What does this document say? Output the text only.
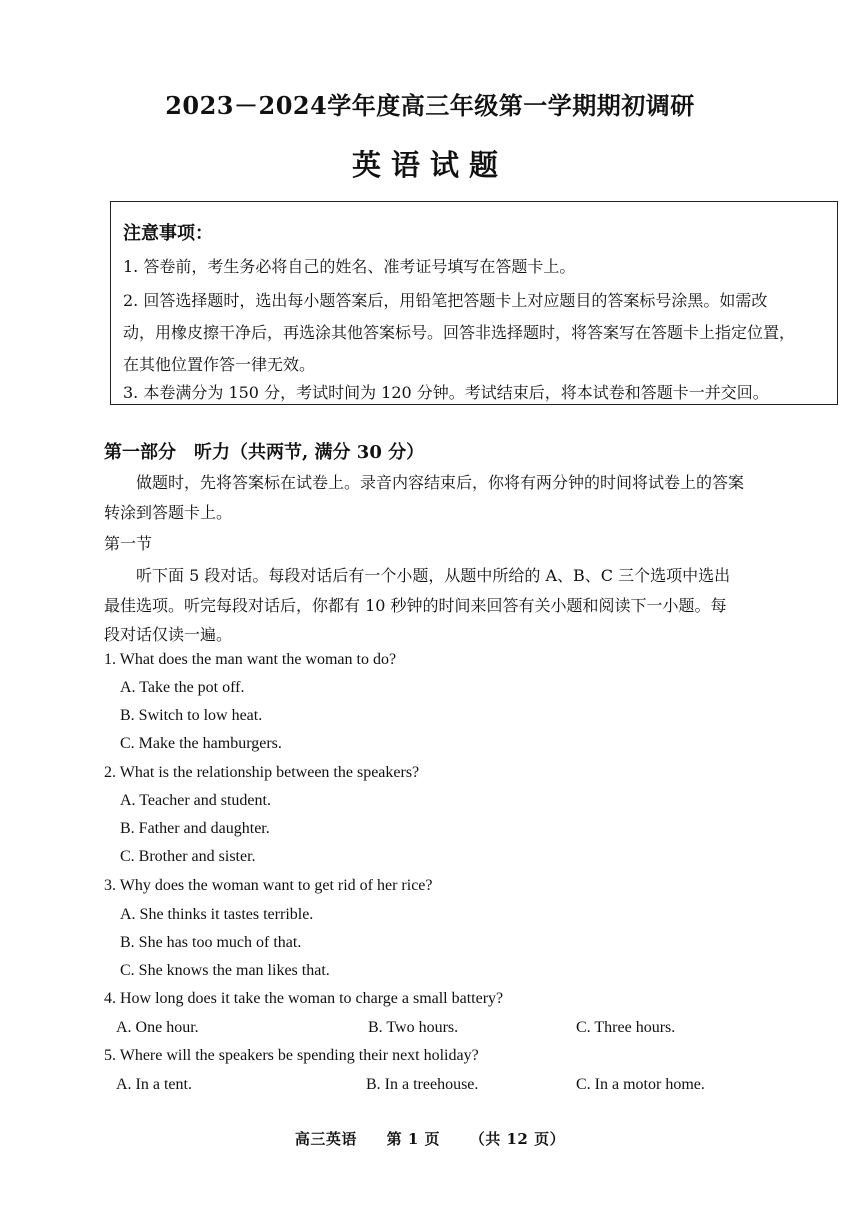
2023－2024学年度高三年级第一学期期初调研
英语试题
注意事项：
1. 答卷前，考生务必将自己的姓名、准考证号填写在答题卡上。
2. 回答选择题时，选出每小题答案后，用铅笔把答题卡上对应题目的答案标号涂黑。如需改
动，用橡皮擦干净后，再选涂其他答案标号。回答非选择题时，将答案写在答题卡上指定位置，
在其他位置作答一律无效。
3. 本卷满分为 150 分，考试时间为 120 分钟。考试结束后，将本试卷和答题卡一并交回。
第一部分　听力（共两节, 满分 30 分）
做题时，先将答案标在试卷上。录音内容结束后，你将有两分钟的时间将试卷上的答案
转涂到答题卡上。
第一节
听下面 5 段对话。每段对话后有一个小题，从题中所给的 A、B、C 三个选项中选出
最佳选项。听完每段对话后，你都有 10 秒钟的时间来回答有关小题和阅读下一小题。每
段对话仅读一遍。
1. What does the man want the woman to do?
A. Take the pot off.
B. Switch to low heat.
C. Make the hamburgers.
2. What is the relationship between the speakers?
A. Teacher and student.
B. Father and daughter.
C. Brother and sister.
3. Why does the woman want to get rid of her rice?
A. She thinks it tastes terrible.
B. She has too much of that.
C. She knows the man likes that.
4. How long does it take the woman to charge a small battery?
A. One hour.	B. Two hours.	C. Three hours.
5. Where will the speakers be spending their next holiday?
A. In a tent.	B. In a treehouse.	C. In a motor home.
高三英语 第 1 页 （共 12 页）
